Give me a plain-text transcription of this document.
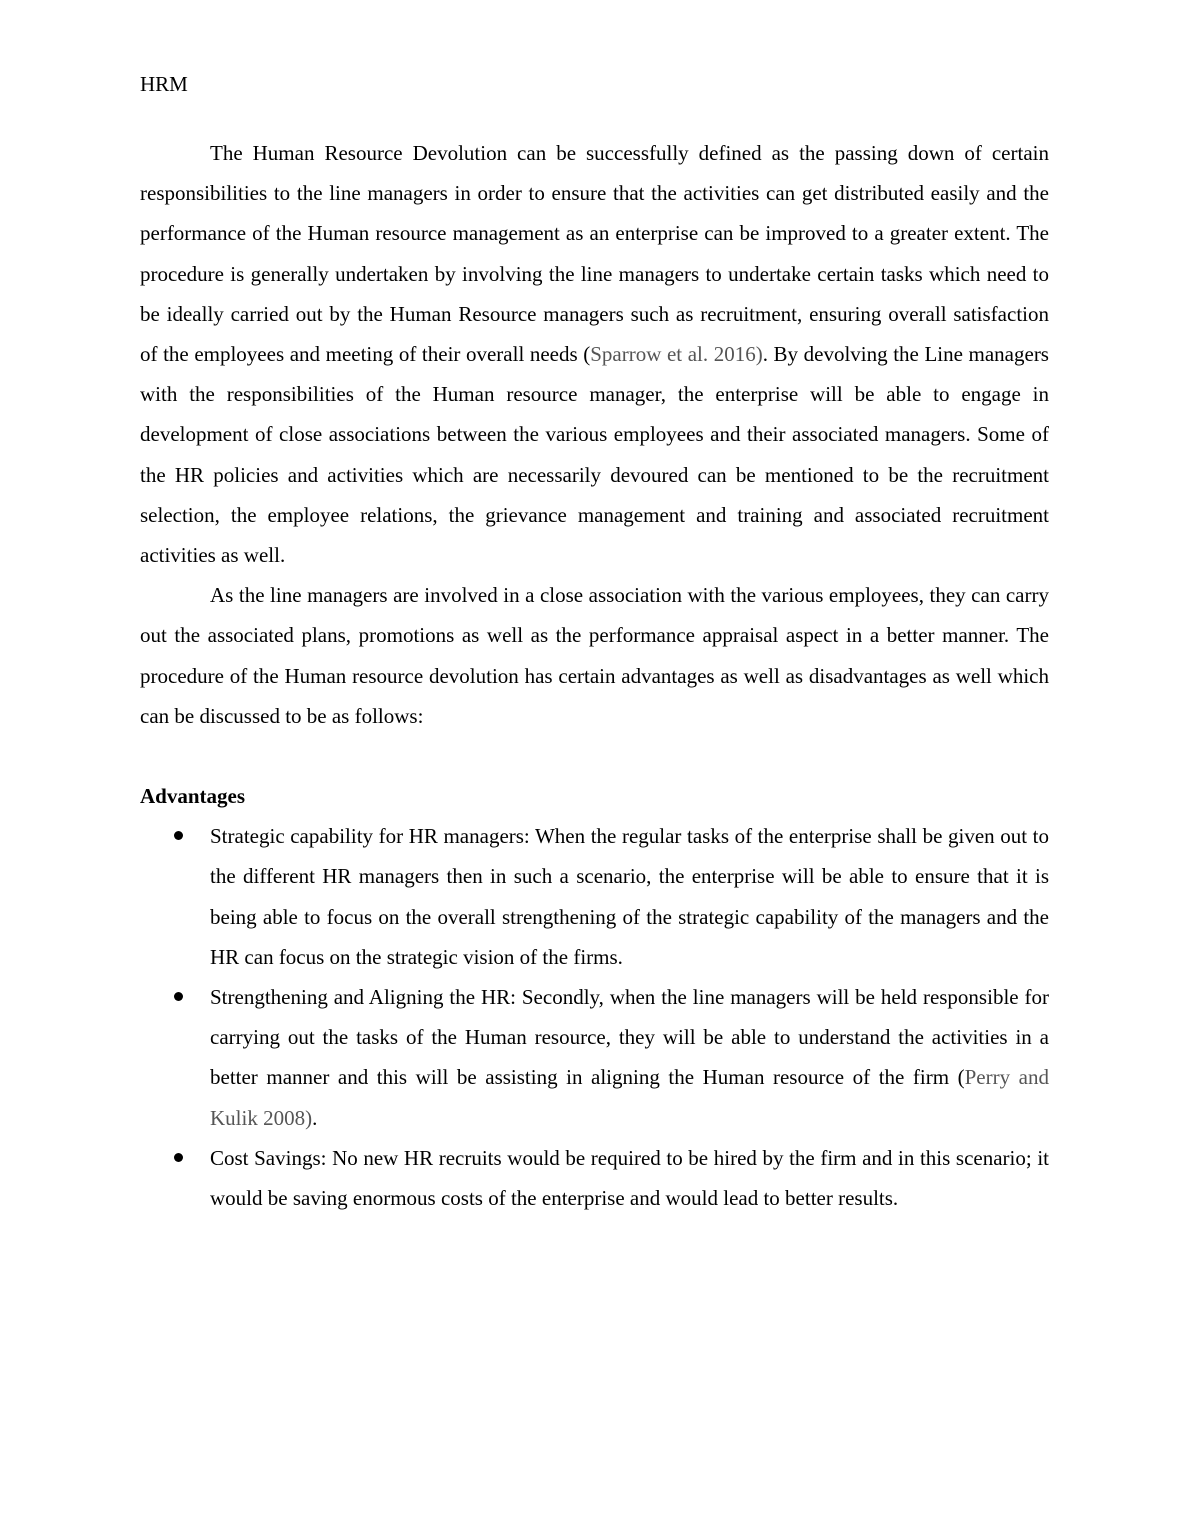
HRM

The Human Resource Devolution can be successfully defined as the passing down of certain responsibilities to the line managers in order to ensure that the activities can get distributed easily and the performance of the Human resource management as an enterprise can be improved to a greater extent. The procedure is generally undertaken by involving the line managers to undertake certain tasks which need to be ideally carried out by the Human Resource managers such as recruitment, ensuring overall satisfaction of the employees and meeting of their overall needs (Sparrow et al. 2016). By devolving the Line managers with the responsibilities of the Human resource manager, the enterprise will be able to engage in development of close associations between the various employees and their associated managers. Some of the HR policies and activities which are necessarily devoured can be mentioned to be the recruitment selection, the employee relations, the grievance management and training and associated recruitment activities as well.

As the line managers are involved in a close association with the various employees, they can carry out the associated plans, promotions as well as the performance appraisal aspect in a better manner. The procedure of the Human resource devolution has certain advantages as well as disadvantages as well which can be discussed to be as follows:

Advantages
Strategic capability for HR managers: When the regular tasks of the enterprise shall be given out to the different HR managers then in such a scenario, the enterprise will be able to ensure that it is being able to focus on the overall strengthening of the strategic capability of the managers and the HR can focus on the strategic vision of the firms.
Strengthening and Aligning the HR: Secondly, when the line managers will be held responsible for carrying out the tasks of the Human resource, they will be able to understand the activities in a better manner and this will be assisting in aligning the Human resource of the firm (Perry and Kulik 2008).
Cost Savings: No new HR recruits would be required to be hired by the firm and in this scenario; it would be saving enormous costs of the enterprise and would lead to better results.
